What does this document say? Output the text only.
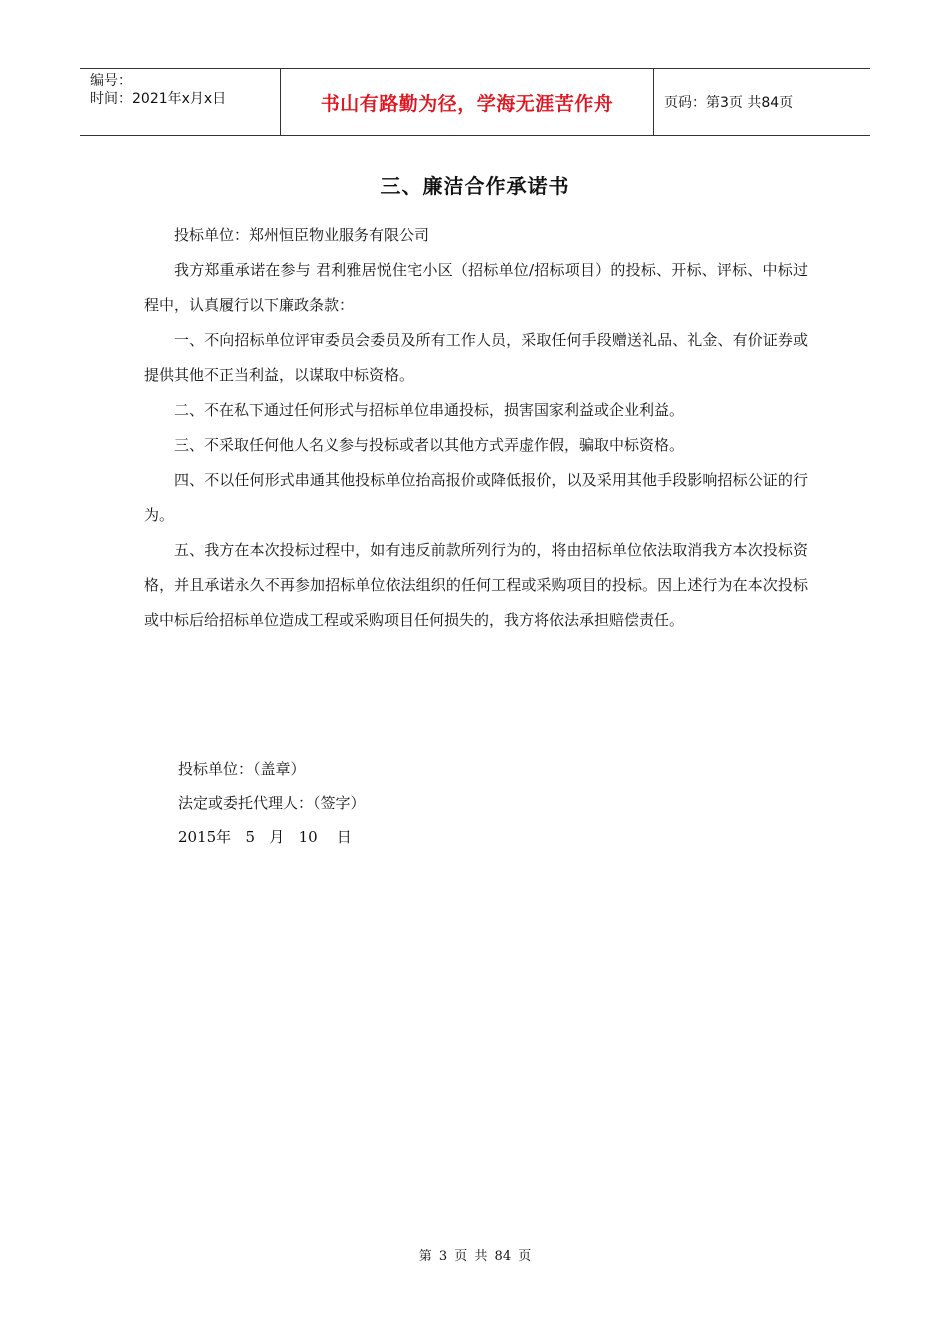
编号：
时间：2021年x月x日	书山有路勤为径，学海无涯苦作舟	页码：第3页 共84页
三、廉洁合作承诺书

投标单位：郑州恒臣物业服务有限公司

我方郑重承诺在参与 君利雅居悦住宅小区（招标单位/招标项目）的投标、开标、评标、中标过程中，认真履行以下廉政条款：

一、不向招标单位评审委员会委员及所有工作人员，采取任何手段赠送礼品、礼金、有价证券或提供其他不正当利益，以谋取中标资格。

二、不在私下通过任何形式与招标单位串通投标，损害国家利益或企业利益。

三、不采取任何他人名义参与投标或者以其他方式弄虚作假，骗取中标资格。

四、不以任何形式串通其他投标单位抬高报价或降低报价，以及采用其他手段影响招标公证的行为。

五、我方在本次投标过程中，如有违反前款所列行为的，将由招标单位依法取消我方本次投标资格，并且承诺永久不再参加招标单位依法组织的任何工程或采购项目的投标。因上述行为在本次投标或中标后给招标单位造成工程或采购项目任何损失的，我方将依法承担赔偿责任。

投标单位：（盖章）
法定或委托代理人：（签字）
2015年   5   月   10    日
第 3 页 共 84 页
